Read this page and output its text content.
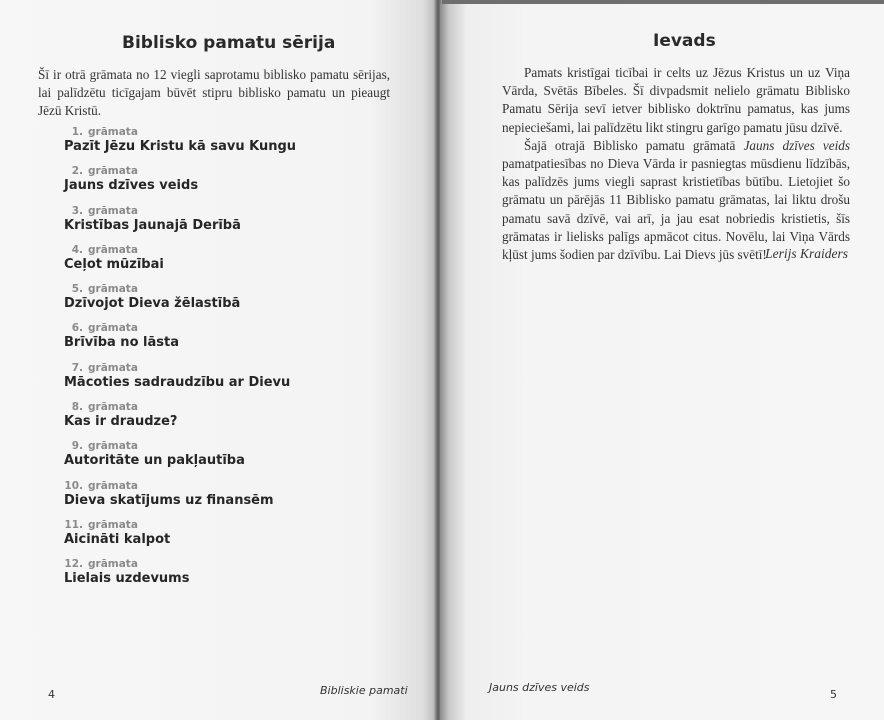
Biblisko pamatu sērija

Šī ir otrā grāmata no 12 viegli saprotamu biblisko pamatu sērijas, lai palīdzētu ticīgajam būvēt stipru biblisko pamatu un pieaugt Jēzū Kristū.

1. grāmata
Pazīt Jēzu Kristu kā savu Kungu
2. grāmata
Jauns dzīves veids
3. grāmata
Kristības Jaunajā Derībā
4. grāmata
Ceļot mūzībai
5. grāmata
Dzīvojot Dieva žēlastībā
6. grāmata
Brīvība no lāsta
7. grāmata
Mācoties sadraudzību ar Dievu
8. grāmata
Kas ir draudze?
9. grāmata
Autoritāte un pakļautība
10. grāmata
Dieva skatījums uz finansēm
11. grāmata
Aicināti kalpot
12. grāmata
Lielais uzdevums
4	Bibliskie pamati
Ievads

Pamats kristīgai ticībai ir celts uz Jēzus Kristus un uz Viņa Vārda, Svētās Bībeles. Šī divpadsmit nelielo grāmatu Biblisko Pamatu Sērija sevī ietver biblisko doktrīnu pamatus, kas jums nepieciešami, lai palīdzētu likt stingru garīgo pamatu jūsu dzīvē.

Šajā otrajā Biblisko pamatu grāmatā Jauns dzīves veids pamatpatiesības no Dieva Vārda ir pasniegtas mūsdienu līdzībās, kas palīdzēs jums viegli saprast kristietības būtību. Lietojiet šo grāmatu un pārējās 11 Biblisko pamatu grāmatas, lai liktu drošu pamatu savā dzīvē, vai arī, ja jau esat nobriedis kristietis, šīs grāmatas ir lielisks palīgs apmācot citus. Novēlu, lai Viņa Vārds kļūst jums šodien par dzīvību. Lai Dievs jūs svētī!

Lerijs Kraiders
Jauns dzīves veids
5
